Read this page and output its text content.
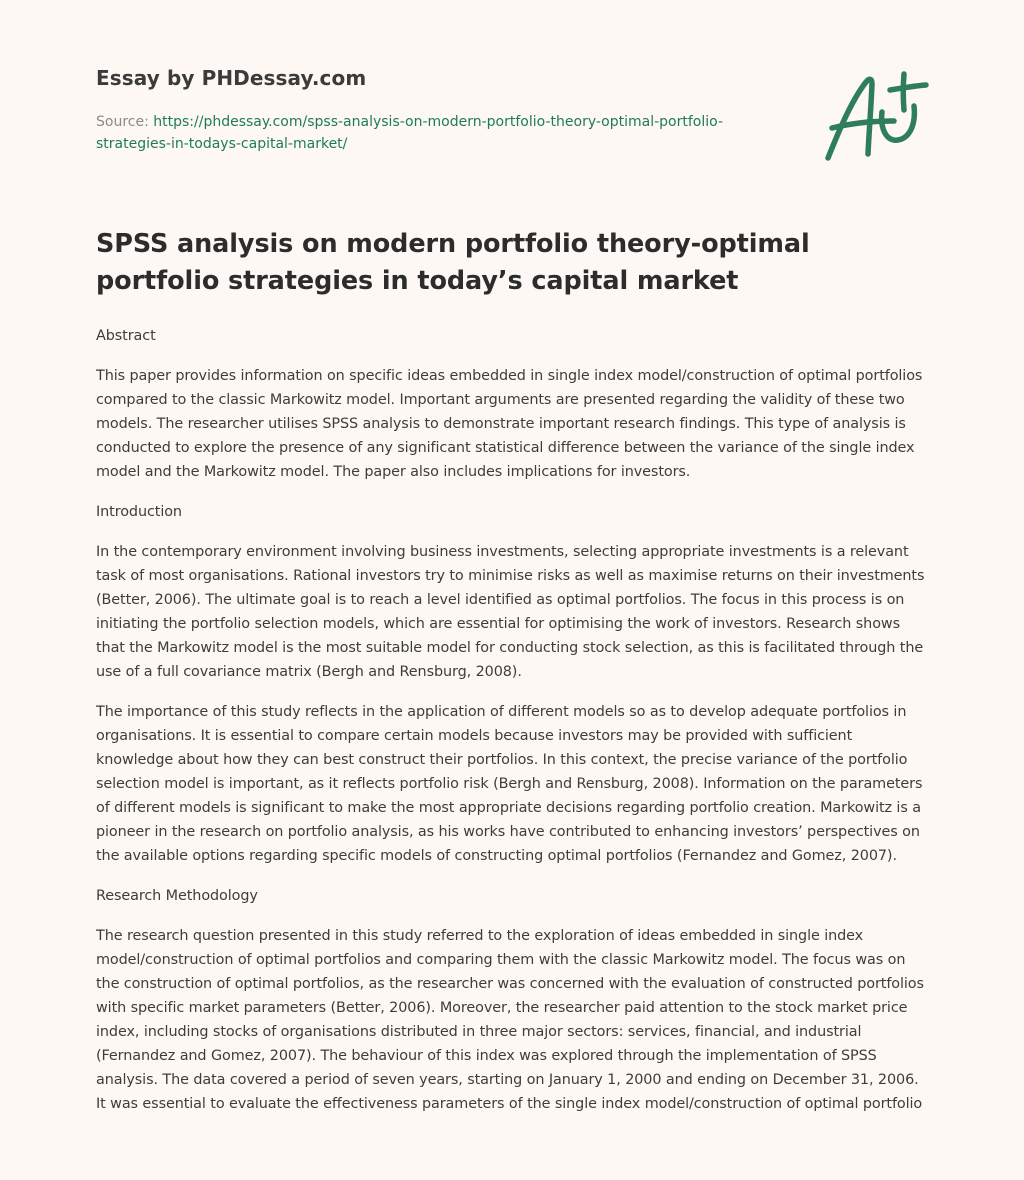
Essay by PHDessay.com
Source: https://phdessay.com/spss-analysis-on-modern-portfolio-theory-optimal-portfolio-strategies-in-todays-capital-market/
SPSS analysis on modern portfolio theory-optimal portfolio strategies in today’s capital market

Abstract

This paper provides information on specific ideas embedded in single index model/construction of optimal portfolios compared to the classic Markowitz model. Important arguments are presented regarding the validity of these two models. The researcher utilises SPSS analysis to demonstrate important research findings. This type of analysis is conducted to explore the presence of any significant statistical difference between the variance of the single index model and the Markowitz model. The paper also includes implications for investors.

Introduction

In the contemporary environment involving business investments, selecting appropriate investments is a relevant task of most organisations. Rational investors try to minimise risks as well as maximise returns on their investments (Better, 2006). The ultimate goal is to reach a level identified as optimal portfolios. The focus in this process is on initiating the portfolio selection models, which are essential for optimising the work of investors. Research shows that the Markowitz model is the most suitable model for conducting stock selection, as this is facilitated through the use of a full covariance matrix (Bergh and Rensburg, 2008).

The importance of this study reflects in the application of different models so as to develop adequate portfolios in organisations. It is essential to compare certain models because investors may be provided with sufficient knowledge about how they can best construct their portfolios. In this context, the precise variance of the portfolio selection model is important, as it reflects portfolio risk (Bergh and Rensburg, 2008). Information on the parameters of different models is significant to make the most appropriate decisions regarding portfolio creation. Markowitz is a pioneer in the research on portfolio analysis, as his works have contributed to enhancing investors’ perspectives on the available options regarding specific models of constructing optimal portfolios (Fernandez and Gomez, 2007).

Research Methodology

The research question presented in this study referred to the exploration of ideas embedded in single index model/construction of optimal portfolios and comparing them with the classic Markowitz model. The focus was on the construction of optimal portfolios, as the researcher was concerned with the evaluation of constructed portfolios with specific market parameters (Better, 2006). Moreover, the researcher paid attention to the stock market price index, including stocks of organisations distributed in three major sectors: services, financial, and industrial (Fernandez and Gomez, 2007). The behaviour of this index was explored through the implementation of SPSS analysis. The data covered a period of seven years, starting on January 1, 2000 and ending on December 31, 2006. It was essential to evaluate the effectiveness parameters of the single index model/construction of optimal portfolio
